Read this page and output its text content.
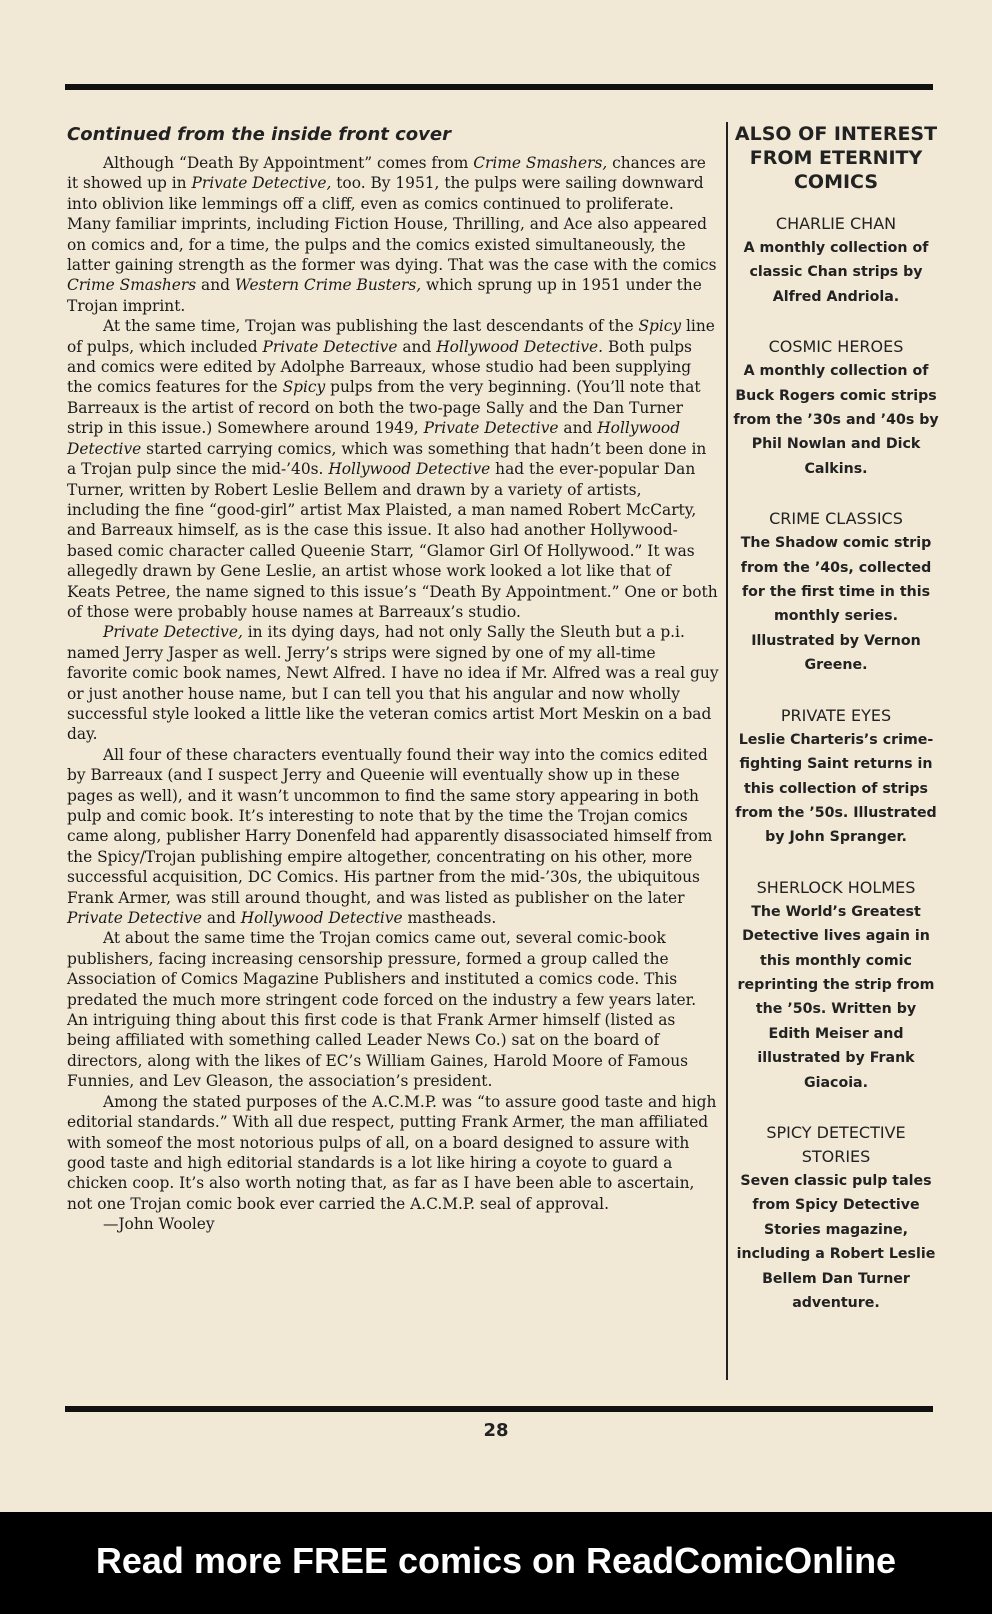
Continued from the inside front cover

Although “Death By Appointment” comes from Crime Smashers, chances are it showed up in Private Detective, too. By 1951, the pulps were sailing downward into oblivion like lemmings off a cliff, even as comics continued to proliferate. Many familiar imprints, including Fiction House, Thrilling, and Ace also appeared on comics and, for a time, the pulps and the comics existed simultaneously, the latter gaining strength as the former was dying. That was the case with the comics Crime Smashers and Western Crime Busters, which sprung up in 1951 under the Trojan imprint.

At the same time, Trojan was publishing the last descendants of the Spicy line of pulps, which included Private Detective and Hollywood Detective. Both pulps and comics were edited by Adolphe Barreaux, whose studio had been supplying the comics features for the Spicy pulps from the very beginning. (You’ll note that Barreaux is the artist of record on both the two-page Sally and the Dan Turner strip in this issue.) Somewhere around 1949, Private Detective and Hollywood Detective started carrying comics, which was something that hadn’t been done in a Trojan pulp since the mid-’40s. Hollywood Detective had the ever-popular Dan Turner, written by Robert Leslie Bellem and drawn by a variety of artists, including the fine “good-girl” artist Max Plaisted, a man named Robert McCarty, and Barreaux himself, as is the case this issue. It also had another Hollywood-based comic character called Queenie Starr, “Glamor Girl Of Hollywood.” It was allegedly drawn by Gene Leslie, an artist whose work looked a lot like that of Keats Petree, the name signed to this issue’s “Death By Appointment.” One or both of those were probably house names at Barreaux’s studio.

Private Detective, in its dying days, had not only Sally the Sleuth but a p.i. named Jerry Jasper as well. Jerry’s strips were signed by one of my all-time favorite comic book names, Newt Alfred. I have no idea if Mr. Alfred was a real guy or just another house name, but I can tell you that his angular and now wholly successful style looked a little like the veteran comics artist Mort Meskin on a bad day.

All four of these characters eventually found their way into the comics edited by Barreaux (and I suspect Jerry and Queenie will eventually show up in these pages as well), and it wasn’t uncommon to find the same story appearing in both pulp and comic book. It’s interesting to note that by the time the Trojan comics came along, publisher Harry Donenfeld had apparently disassociated himself from the Spicy/Trojan publishing empire altogether, concentrating on his other, more successful acquisition, DC Comics. His partner from the mid-’30s, the ubiquitous Frank Armer, was still around thought, and was listed as publisher on the later Private Detective and Hollywood Detective mastheads.

At about the same time the Trojan comics came out, several comic-book publishers, facing increasing censorship pressure, formed a group called the Association of Comics Magazine Publishers and instituted a comics code. This predated the much more stringent code forced on the industry a few years later. An intriguing thing about this first code is that Frank Armer himself (listed as being affiliated with something called Leader News Co.) sat on the board of directors, along with the likes of EC’s William Gaines, Harold Moore of Famous Funnies, and Lev Gleason, the association’s president.

Among the stated purposes of the A.C.M.P. was “to assure good taste and high editorial standards.” With all due respect, putting Frank Armer, the man affiliated with someof the most notorious pulps of all, on a board designed to assure with good taste and high editorial standards is a lot like hiring a coyote to guard a chicken coop. It’s also worth noting that, as far as I have been able to ascertain, not one Trojan comic book ever carried the A.C.M.P. seal of approval.

—John Wooley

ALSO OF INTEREST FROM ETERNITY COMICS

CHARLIE CHAN

A monthly collection of classic Chan strips by Alfred Andriola.

COSMIC HEROES

A monthly collection of Buck Rogers comic strips from the ’30s and ’40s by Phil Nowlan and Dick Calkins.

CRIME CLASSICS

The Shadow comic strip from the ’40s, collected for the first time in this monthly series. Illustrated by Vernon Greene.

PRIVATE EYES

Leslie Charteris’s crime-fighting Saint returns in this collection of strips from the ’50s. Illustrated by John Spranger.

SHERLOCK HOLMES

The World’s Greatest Detective lives again in this monthly comic reprinting the strip from the ’50s. Written by Edith Meiser and illustrated by Frank Giacoia.

SPICY DETECTIVE STORIES

Seven classic pulp tales from Spicy Detective Stories magazine, including a Robert Leslie Bellem Dan Turner adventure.

28
Read more FREE comics on ReadComicOnline
